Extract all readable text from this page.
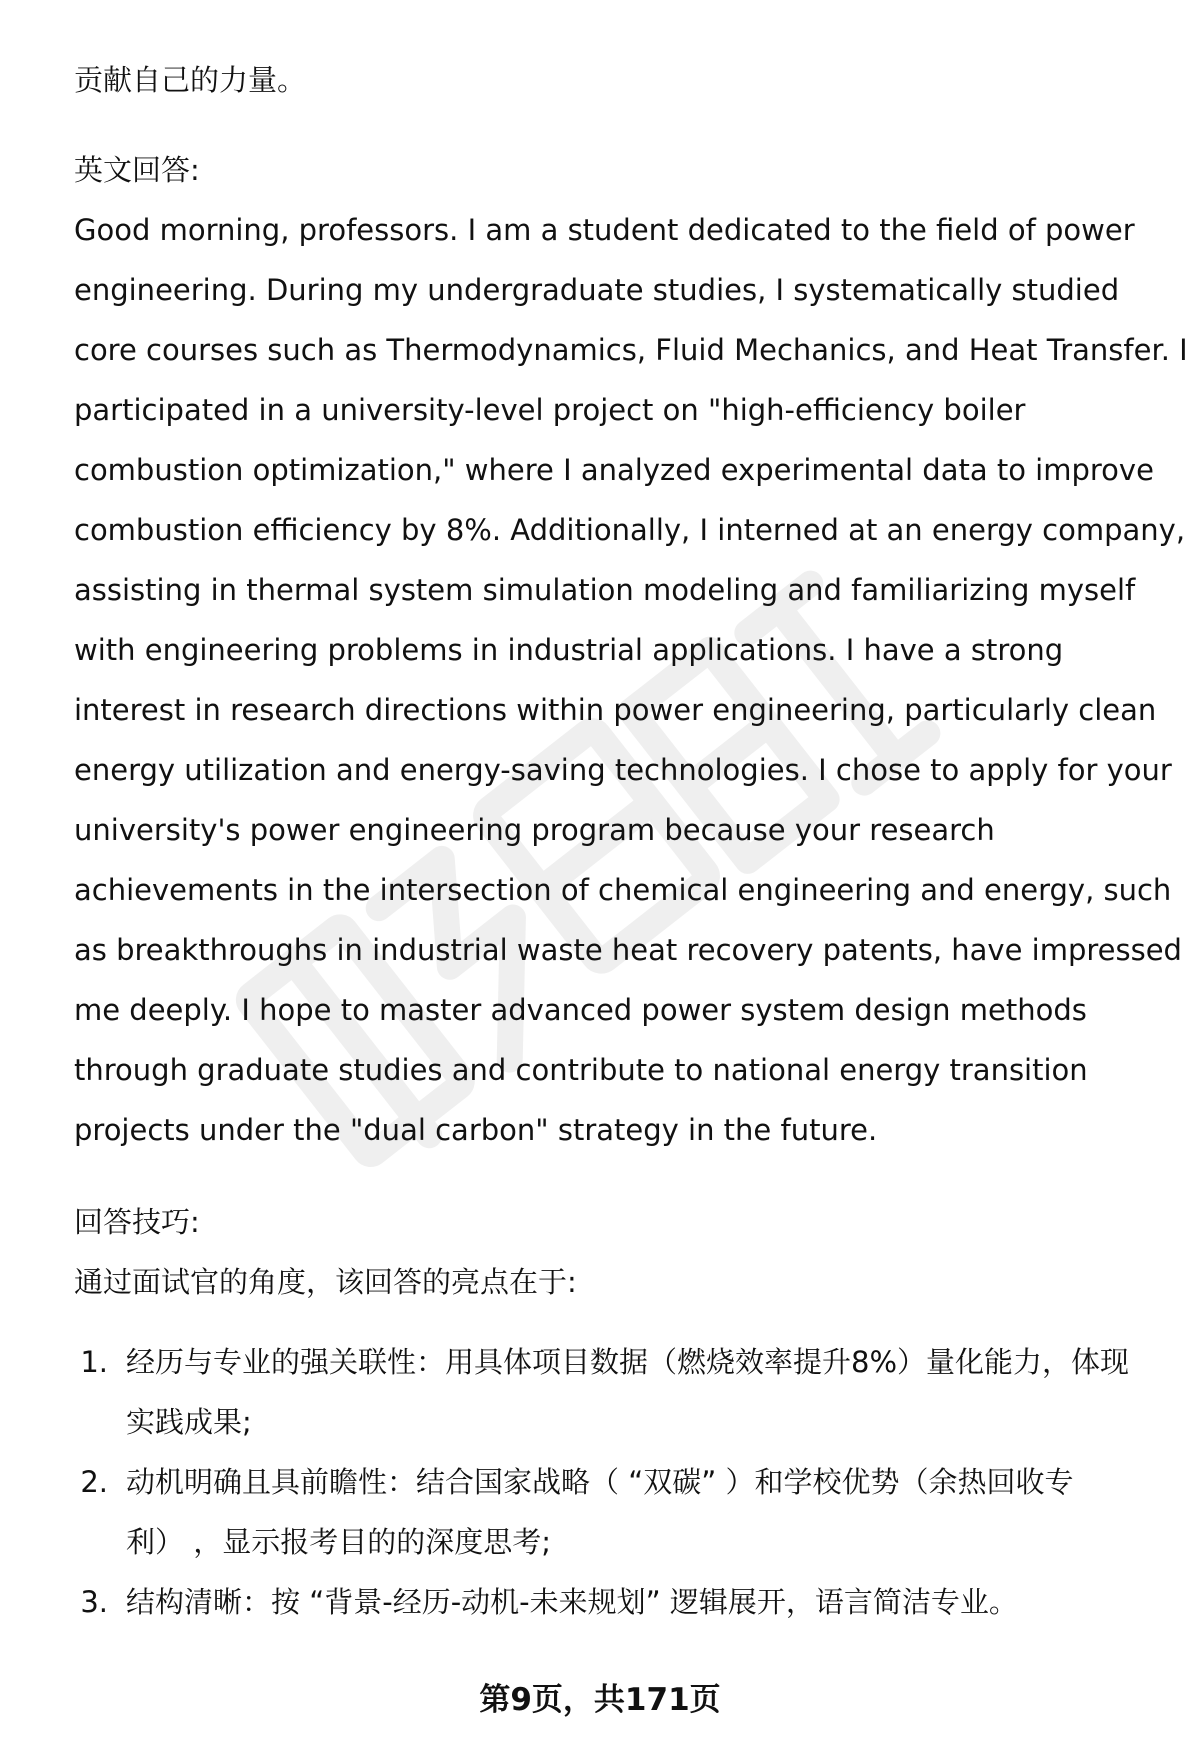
贡献自己的力量。

英文回答:

Good morning, professors. I am a student dedicated to the field of power

engineering. During my undergraduate studies, I systematically studied

core courses such as Thermodynamics, Fluid Mechanics, and Heat Transfer. I

participated in a university-level project on "high-efficiency boiler

combustion optimization," where I analyzed experimental data to improve

combustion efficiency by 8%. Additionally, I interned at an energy company,

assisting in thermal system simulation modeling and familiarizing myself

with engineering problems in industrial applications. I have a strong

interest in research directions within power engineering, particularly clean

energy utilization and energy-saving technologies. I chose to apply for your

university's power engineering program because your research

achievements in the intersection of chemical engineering and energy, such

as breakthroughs in industrial waste heat recovery patents, have impressed

me deeply. I hope to master advanced power system design methods

through graduate studies and contribute to national energy transition

projects under the "dual carbon" strategy in the future.

回答技巧:

通过面试官的角度，该回答的亮点在于:

1. 经历与专业的强关联性：用具体项目数据（燃烧效率提升8%）量化能力，体现

实践成果;

2. 动机明确且具前瞻性：结合国家战略（ “双碳” ）和学校优势（余热回收专

利） ，显示报考目的的深度思考;

3. 结构清晰：按 “背景-经历-动机-未来规划” 逻辑展开，语言简洁专业。

第9页，共171页
